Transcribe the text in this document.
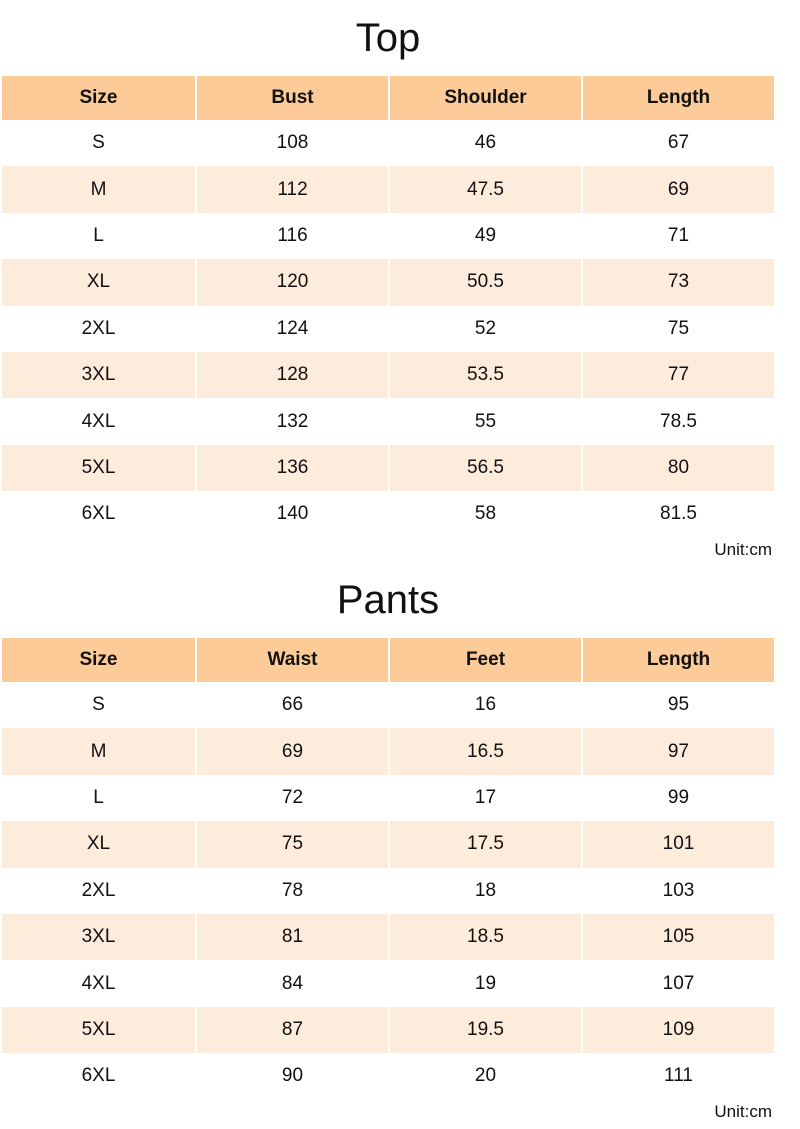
Top
Size	Bust	Shoulder	Length
S	108	46	67
M	112	47.5	69
L	116	49	71
XL	120	50.5	73
2XL	124	52	75
3XL	128	53.5	77
4XL	132	55	78.5
5XL	136	56.5	80
6XL	140	58	81.5
Unit:cm
Pants
Size	Waist	Feet	Length
S	66	16	95
M	69	16.5	97
L	72	17	99
XL	75	17.5	101
2XL	78	18	103
3XL	81	18.5	105
4XL	84	19	107
5XL	87	19.5	109
6XL	90	20	111
Unit:cm
